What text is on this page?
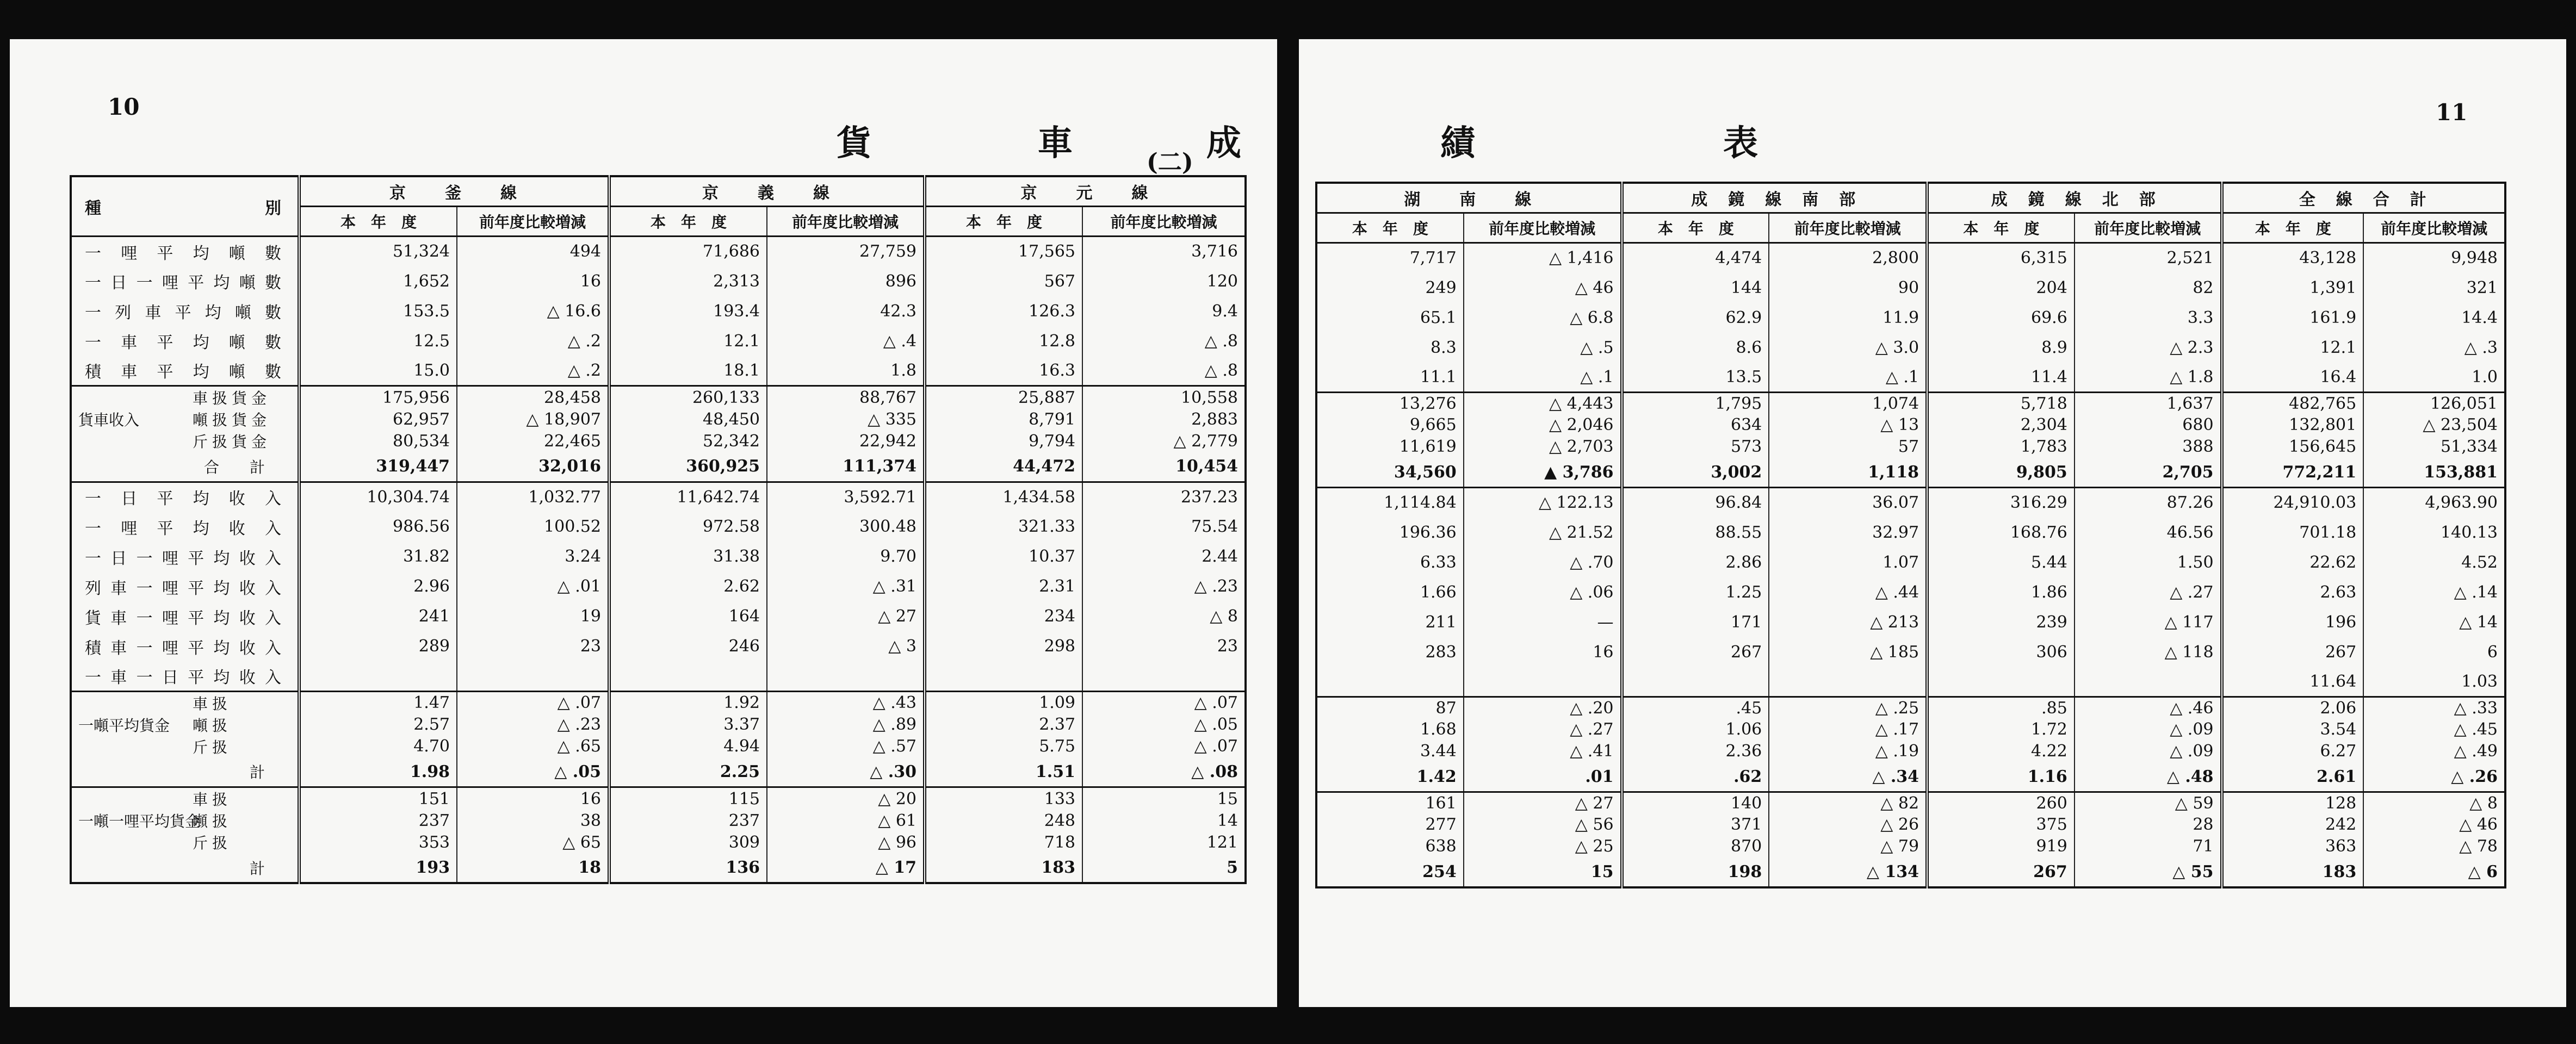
10
貨	車	成
(二)
種　　　　　別	京　　釜　　線		京　　義　　線		京　　元　　線	
	本　年　度	前年度比較増減	本　年　度	前年度比較増減	本　年　度	前年度比較増減
一 哩 平 均 噸 數	51,324	494	71,686	27,759	17,565	3,716
一日一哩平均噸數	1,652	16	2,313	896	567	120
一 列 車 平 均 噸 數	153.5	△ 16.6	193.4	42.3	126.3	9.4
一 車 平 均 噸 數	12.5	△ .2	12.1	△ .4	12.8	△ .8
積 車 平 均 噸 數	15.0	△ .2	18.1	1.8	16.3	△ .8
車扱貨金	175,956	28,458	260,133	88,767	25,887	10,558
貨車收入 噸扱貨金	62,957	△ 18,907	48,450	△ 335	8,791	2,883
斤扱貨金	80,534	22,465	52,342	22,942	9,794	△ 2,779
合　　計	319,447	32,016	360,925	111,374	44,472	10,454
一 日 平 均 收 入	10,304.74	1,032.77	11,642.74	3,592.71	1,434.58	237.23
一 哩 平 均 收 入	986.56	100.52	972.58	300.48	321.33	75.54
一日一哩平均收入	31.82	3.24	31.38	9.70	10.37	2.44
列車一哩平均收入	2.96	△ .01	2.62	△ .31	2.31	△ .23
貨車一哩平均收入	241	19	164	△ 27	234	△ 8
積車一哩平均收入	289	23	246	△ 3	298	23
一車一日平均收入						
車扱	1.47	△ .07	1.92	△ .43	1.09	△ .07
一噸平均貨金 噸扱	2.57	△ .23	3.37	△ .89	2.37	△ .05
斤扱	4.70	△ .65	4.94	△ .57	5.75	△ .07
計	1.98	△ .05	2.25	△ .30	1.51	△ .08
車扱	151	16	115	△ 20	133	15
一噸一哩平均貨金噸扱	237	38	237	△ 61	248	14
斤扱	353	△ 65	309	△ 96	718	121
計	193	18	136	△ 17	183	5
績	表
11
湖　　南　　線		成　鏡　線　南　部		成　鏡　線　北　部		全　線　合　計	
本　年　度	前年度比較増減	本　年　度	前年度比較増減	本　年　度	前年度比較増減	本　年　度	前年度比較増減
7,717	△ 1,416	4,474	2,800	6,315	2,521	43,128	9,948
249	△ 46	144	90	204	82	1,391	321
65.1	△ 6.8	62.9	11.9	69.6	3.3	161.9	14.4
8.3	△ .5	8.6	△ 3.0	8.9	△ 2.3	12.1	△ .3
11.1	△ .1	13.5	△ .1	11.4	△ 1.8	16.4	1.0
13,276	△ 4,443	1,795	1,074	5,718	1,637	482,765	126,051
9,665	△ 2,046	634	△ 13	2,304	680	132,801	△ 23,504
11,619	△ 2,703	573	57	1,783	388	156,645	51,334
34,560	▲ 3,786	3,002	1,118	9,805	2,705	772,211	153,881
1,114.84	△ 122.13	96.84	36.07	316.29	87.26	24,910.03	4,963.90
196.36	△ 21.52	88.55	32.97	168.76	46.56	701.18	140.13
6.33	△ .70	2.86	1.07	5.44	1.50	22.62	4.52
1.66	△ .06	1.25	△ .44	1.86	△ .27	2.63	△ .14
211	—	171	△ 213	239	△ 117	196	△ 14
283	16	267	△ 185	306	△ 118	267	6
						11.64	1.03
87	△ .20	.45	△ .25	.85	△ .46	2.06	△ .33
1.68	△ .27	1.06	△ .17	1.72	△ .09	3.54	△ .45
3.44	△ .41	2.36	△ .19	4.22	△ .09	6.27	△ .49
1.42	.01	.62	△ .34	1.16	△ .48	2.61	△ .26
161	△ 27	140	△ 82	260	△ 59	128	△ 8
277	△ 56	371	△ 26	375	28	242	△ 46
638	△ 25	870	△ 79	919	71	363	△ 78
254	15	198	△ 134	267	△ 55	183	△ 6
